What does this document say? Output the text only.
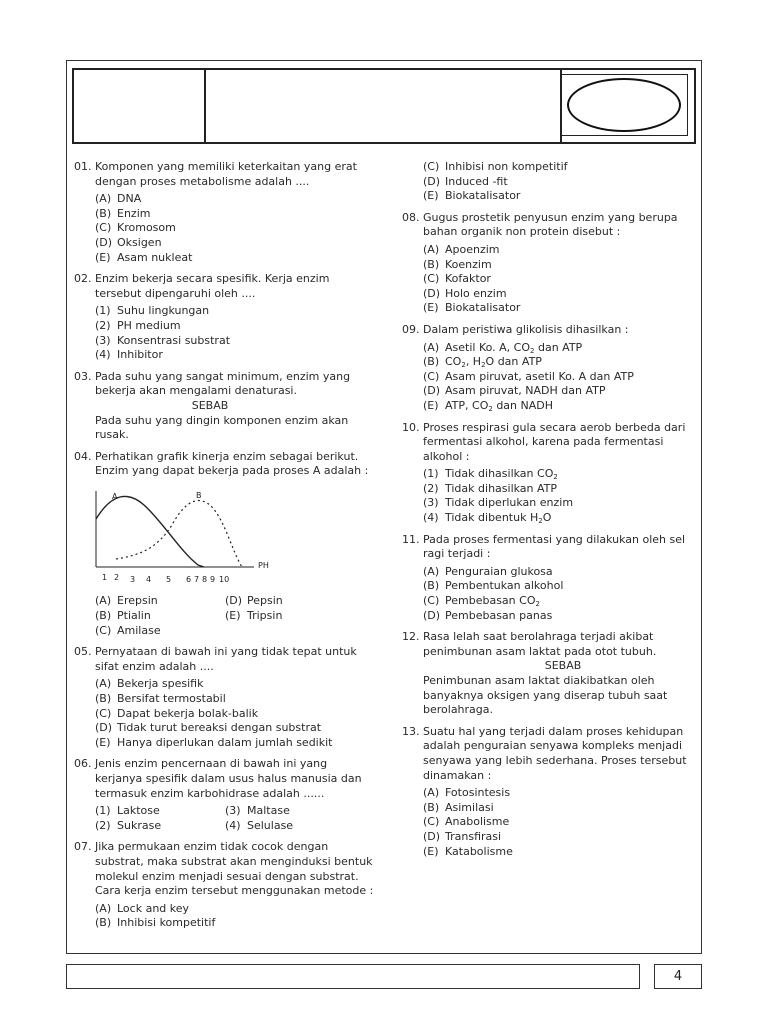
01. Komponen yang memiliki keterkaitan yang erat dengan proses metabolisme adalah ....
(A) DNA
(B) Enzim
(C) Kromosom
(D) Oksigen
(E) Asam nukleat
02. Enzim bekerja secara spesifik. Kerja enzim tersebut dipengaruhi oleh ....
(1) Suhu lingkungan
(2) PH medium
(3) Konsentrasi substrat
(4) Inhibitor
03. Pada suhu yang sangat minimum, enzim yang bekerja akan mengalami denaturasi.
SEBAB
Pada suhu yang dingin komponen enzim akan rusak.
04. Perhatikan grafik kinerja enzim sebagai berikut. Enzim yang dapat bekerja pada proses A adalah :
A	B
PH
1 2 3 4 5 6 7 8 9 10
(A) Erepsin	(D) Pepsin
(B) Ptialin	(E) Tripsin
(C) Amilase
05. Pernyataan di bawah ini yang tidak tepat untuk sifat enzim adalah ....
(A) Bekerja spesifik
(B) Bersifat termostabil
(C) Dapat bekerja bolak-balik
(D) Tidak turut bereaksi dengan substrat
(E) Hanya diperlukan dalam jumlah sedikit
06. Jenis enzim pencernaan di bawah ini yang kerjanya spesifik dalam usus halus manusia dan termasuk enzim karbohidrase adalah ......
(1) Laktose	(3) Maltase
(2) Sukrase	(4) Selulase
07. Jika permukaan enzim tidak cocok dengan substrat, maka substrat akan menginduksi bentuk molekul enzim menjadi sesuai dengan substrat. Cara kerja enzim tersebut menggunakan metode :
(A) Lock and key
(B) Inhibisi kompetitif
(C) Inhibisi non kompetitif
(D) Induced -fit
(E) Biokatalisator
08. Gugus prostetik penyusun enzim yang berupa bahan organik non protein disebut :
(A) Apoenzim
(B) Koenzim
(C) Kofaktor
(D) Holo enzim
(E) Biokatalisator
09. Dalam peristiwa glikolisis dihasilkan :
(A) Asetil Ko. A, $CO_2$ dan ATP
(B) $CO_2$, $H_2O$ dan ATP
(C) Asam piruvat, asetil Ko. A dan ATP
(D) Asam piruvat, NADH dan ATP
(E) ATP, $CO_2$ dan NADH
10. Proses respirasi gula secara aerob berbeda dari fermentasi alkohol, karena pada fermentasi alkohol :
(1) Tidak dihasilkan $CO_2$
(2) Tidak dihasilkan ATP
(3) Tidak diperlukan enzim
(4) Tidak dibentuk $H_2O$
11. Pada proses fermentasi yang dilakukan oleh sel ragi terjadi :
(A) Penguraian glukosa
(B) Pembentukan alkohol
(C) Pembebasan $CO_2$
(D) Pembebasan panas
12. Rasa lelah saat berolahraga terjadi akibat penimbunan asam laktat pada otot tubuh.
SEBAB
Penimbunan asam laktat diakibatkan oleh banyaknya oksigen yang diserap tubuh saat berolahraga.
13. Suatu hal yang terjadi dalam proses kehidupan adalah penguraian senyawa kompleks menjadi senyawa yang lebih sederhana. Proses tersebut dinamakan :
(A) Fotosintesis
(B) Asimilasi
(C) Anabolisme
(D) Transfirasi
(E) Katabolisme
4
